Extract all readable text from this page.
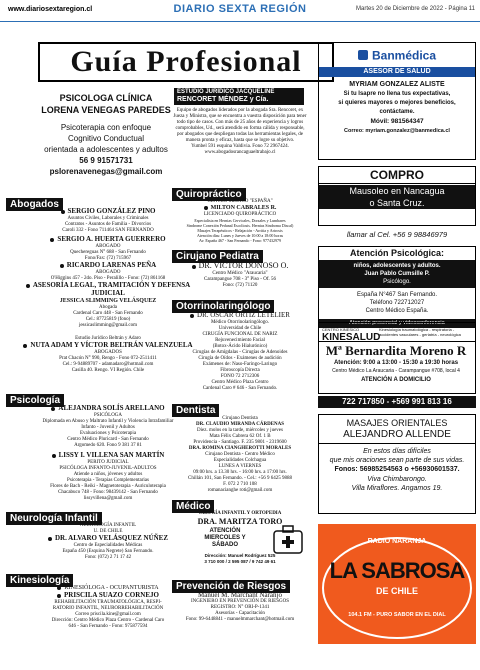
www.diariosextaregion.cl	DIARIO SEXTA REGIÓN	Martes 20 de Diciembre de 2022 - Página 11
Guía Profesional
PSICOLOGA CLÍNICA
LORENA VENEGAS PAREDES
Psicoterapia con enfoque
Cognitivo Conductual
orientada a adolescentes y adultos
56 9 91571731
pslorenavenegas@gmail.com
Abogados
SERGIO GONZÁLEZ PINO
Asuntos Civiles, Laborales y Criminales
Contratos - Asuntos de Familia - Divorcios
Caroli 332 - Fono 711464 SAN FERNANDO
SERGIO A. HUERTA GUERRERO
ABOGADO
Quechereguas N° 688 - San Fernando
Fono/Fax: (72) 715967
RICARDO LARENAS PEÑA
ABOGADO
O'Higgins 457 - 2do. Piso - Peralillo - Fono: (72) 861168
ASESORÍA LEGAL, TRAMITACIÓN Y DEFENSA JUDICIAL
JESSICA SLIMMING VELÁSQUEZ
Abogada
Cardenal Caro 448 - San Fernando
Cel.: 87725819 (fono)
jessicaslimming@gmail.com
Estudio Jurídico Beltrán y Adaro
NUTA ADAM Y VÍCTOR BELTRÁN VALENZUELA
ABOGADOS
Prat Chacón N° 990, Rengo - Fono 072-2511411
Cel.: 9-94889707 - adamadaro@hotmail.com
Casilla 40. Rengo. VI Región. Chile
Psicología
ALEJANDRA SOLÍS ARELLANO
PSICÓLOGA
Diplomada en Abuso y Maltrato Infantil y Violencia Intrafamiliar
Infanto - Juvenil y Adultos
Evaluaciones y Psicoterapia
Centro Médico Pluricard - San Fernando
Argomedo 620. Fono 9 381 37 81
LISSY I. VILLENA SAN MARTÍN
PERITO JUDICIAL
PSICÓLOGA INFANTO-JUVENIL-ADULTOS
Atiende a niños, jóvenes y adultos
Psicoterapia - Terapias Complementarias
Flores de Bach - Reiki - Magnetoterapia - Auriculoterapia
Chacabuco 748 - Fono: 98439142 - San Fernando
lissyvillena@gmail.com
Neurología Infantil
NEUROLOGÍA INFANTIL
U. DE CHILE
DR. ALVARO VELÁSQUEZ NÚÑEZ
Centro de Especialidades Médicas
España 450 (Esquina Negrete) San Fernando.
Fono: (072) 2 71 17 42
Kinesiología
KINESIÓLOGA - OCUPANTURISTA
PRISCILA SUAZO CORNEJO
REHABILITACIÓN TRAUMATOLÓGICA, RESPI-
RATORIO INFANTIL, NEURORREHABILITACIÓN
Correo priscila.kine@gmail.com
Dirección: Centro Médico Plaza Centro - Cardenal Caro
646 - San Fernando - Fono: 975877594
ESTUDIO JURÍDICO JACQUELINE
RENCORET MÉNDEZ y Cía.
Equipo de abogados liderados por la abogada Sra. Rencoret, ex Jueza y Ministra, que se encuentra a vuestra disposición para tener todo tipo de casos. Con más de 25 años de experiencia y logros comprobables, Ud., será atendido en forma cálida y responsable, por abogados que despliegan todas las herramientas legales, de manera pronta y eficaz, hasta que se logre su objetivo.
Yumbel 591 esquina Valdivia. Fono 72 2967424.
www.abogadosrancaguaeltrabajo.cl
Quiropráctico
CENTRO MÉDICO "ESPAÑA"
MILTON CABRALES R.
LICENCIADO QUIROPRÁCTICO
Especialista en Hernias Cervicales, Dorsales y Lumbares
Sindrome Conexión Pedunal Escoliosis. Hernias Sindroma Discal)
Masajes Terapéuticos - Relajación - Arritia y Artrosis
Atención días: Lunes y Jueves de 10:00 a 18:00 horas
Av. España 467 - San Fernando - Fono: 977432979
Cirujano Pediatra
DR. VÍCTOR DONOSO O.
Centro Médico "Araucaria"
Carampangue 708 - 3° Piso - Of. 56
Fono: (72) 71120
Otorrinolaringólogo
DR. ÓSCAR ORTIZ LETELIER
Médico Otorrinolaringólogo.
Universidad de Chile
CIRUGÍA FUNCIONAL DE NARIZ
Rejuvenecimiento Facial
(Botox-Ácido Hialurónico)
Cirugías de Amígdalas - Cirugías de Adenoides
Cirugía de Oídos - Exámenes de audición
Exámenes de: Naso-Faringo-Laringo
Fibroscopía Directa
FONO 72 2712306
Centro Médico Plaza Centro
Cardenal Caro # 646 - San Fernando.
Dentista
Cirujano Dentista
DR. CLAUDIO MIRANDA CÁRDENAS
Diez. molos en la tarde, miércoles y jueves
Mata Félix Cabrera 62 Of. 1 B
Providencia - Santiago. F. 235 9801 - 2319600
DRA. ROMINA CIANGHEROTTI MORALES
Cirujano Dentista - Centro Médico
Especialidades Colchagua
LUNES A VIERNES
09:00 hrs. a 13.30 hrs. - 16:00 hrs. a 17:00 hrs.
Chillán 101, San Fernando. - Cel.: +56 9 6425 9888
F. 072 2 710 108
romanacianghe roti@gmail.com
Médico
CIRUGÍA INFANTIL Y ORTOPEDIA
DRA. MARITZA TORO
ATENCIÓN MIERCOLES Y SÁBADO
Dirección: Manuel Rodríguez 525
3 710 000 / 2 595 087 / 9 742 49 61
Prevención de Riesgos
Manuel M. Marchant Naranjo
INGENIERO EN PREVENCIÓN DE RIESGOS
REGISTRO: N° ORI-P-1341
Asesorías - Capacitación
Fono: 99-6448841 - manuelmmarchant@hotmail.com
Banmédica
ASESOR DE SALUD
MYRIAM GONZALEZ ALISTE
Si tu Isapre no llena tus expectativas,
si quieres mayores o mejores beneficios,
contáctame.
Móvil: 981564347
Correo: myriam.gonzalez@banmedica.cl
COMPRO
Mausoleo en Nancagua
o Santa Cruz.
llamar al Cel. +56 9 98846979
Atención Psicológica:
niños, adolescentes y adultos.
Juan Pablo Cumsille P.
Psicólogo.
España N°467 San Fernando.
Teléfono 722712027
Centro Médico España.
Atención presencial y videoconferencia
CENTRO KINESICO
KINESALUD
Kinesiología traumatológica - respiratoria - accidentes vasculares - geriatría - neurológica
Mª Bernardita Moreno R
Atención: 9:00 a 13:00 - 15:30 a 19:30 horas
Centro Médico La Araucaria - Carampangue #708, local 4
ATENCIÓN A DOMICILIO
722 717850 - +569 991 813 16
MASAJES ORIENTALES
ALEJANDRO ALLENDE
En estos días difíciles
que mis oraciones sean parte de sus vidas.
Fonos: 56985254563 o +56930601537.
Viva Chimbarongo.
Villa Miraflores. Angamos 19.
RADIO NARANJA
LA SABROSA
DE CHILE
104.1 FM - PURO SABOR EN EL DIAL
